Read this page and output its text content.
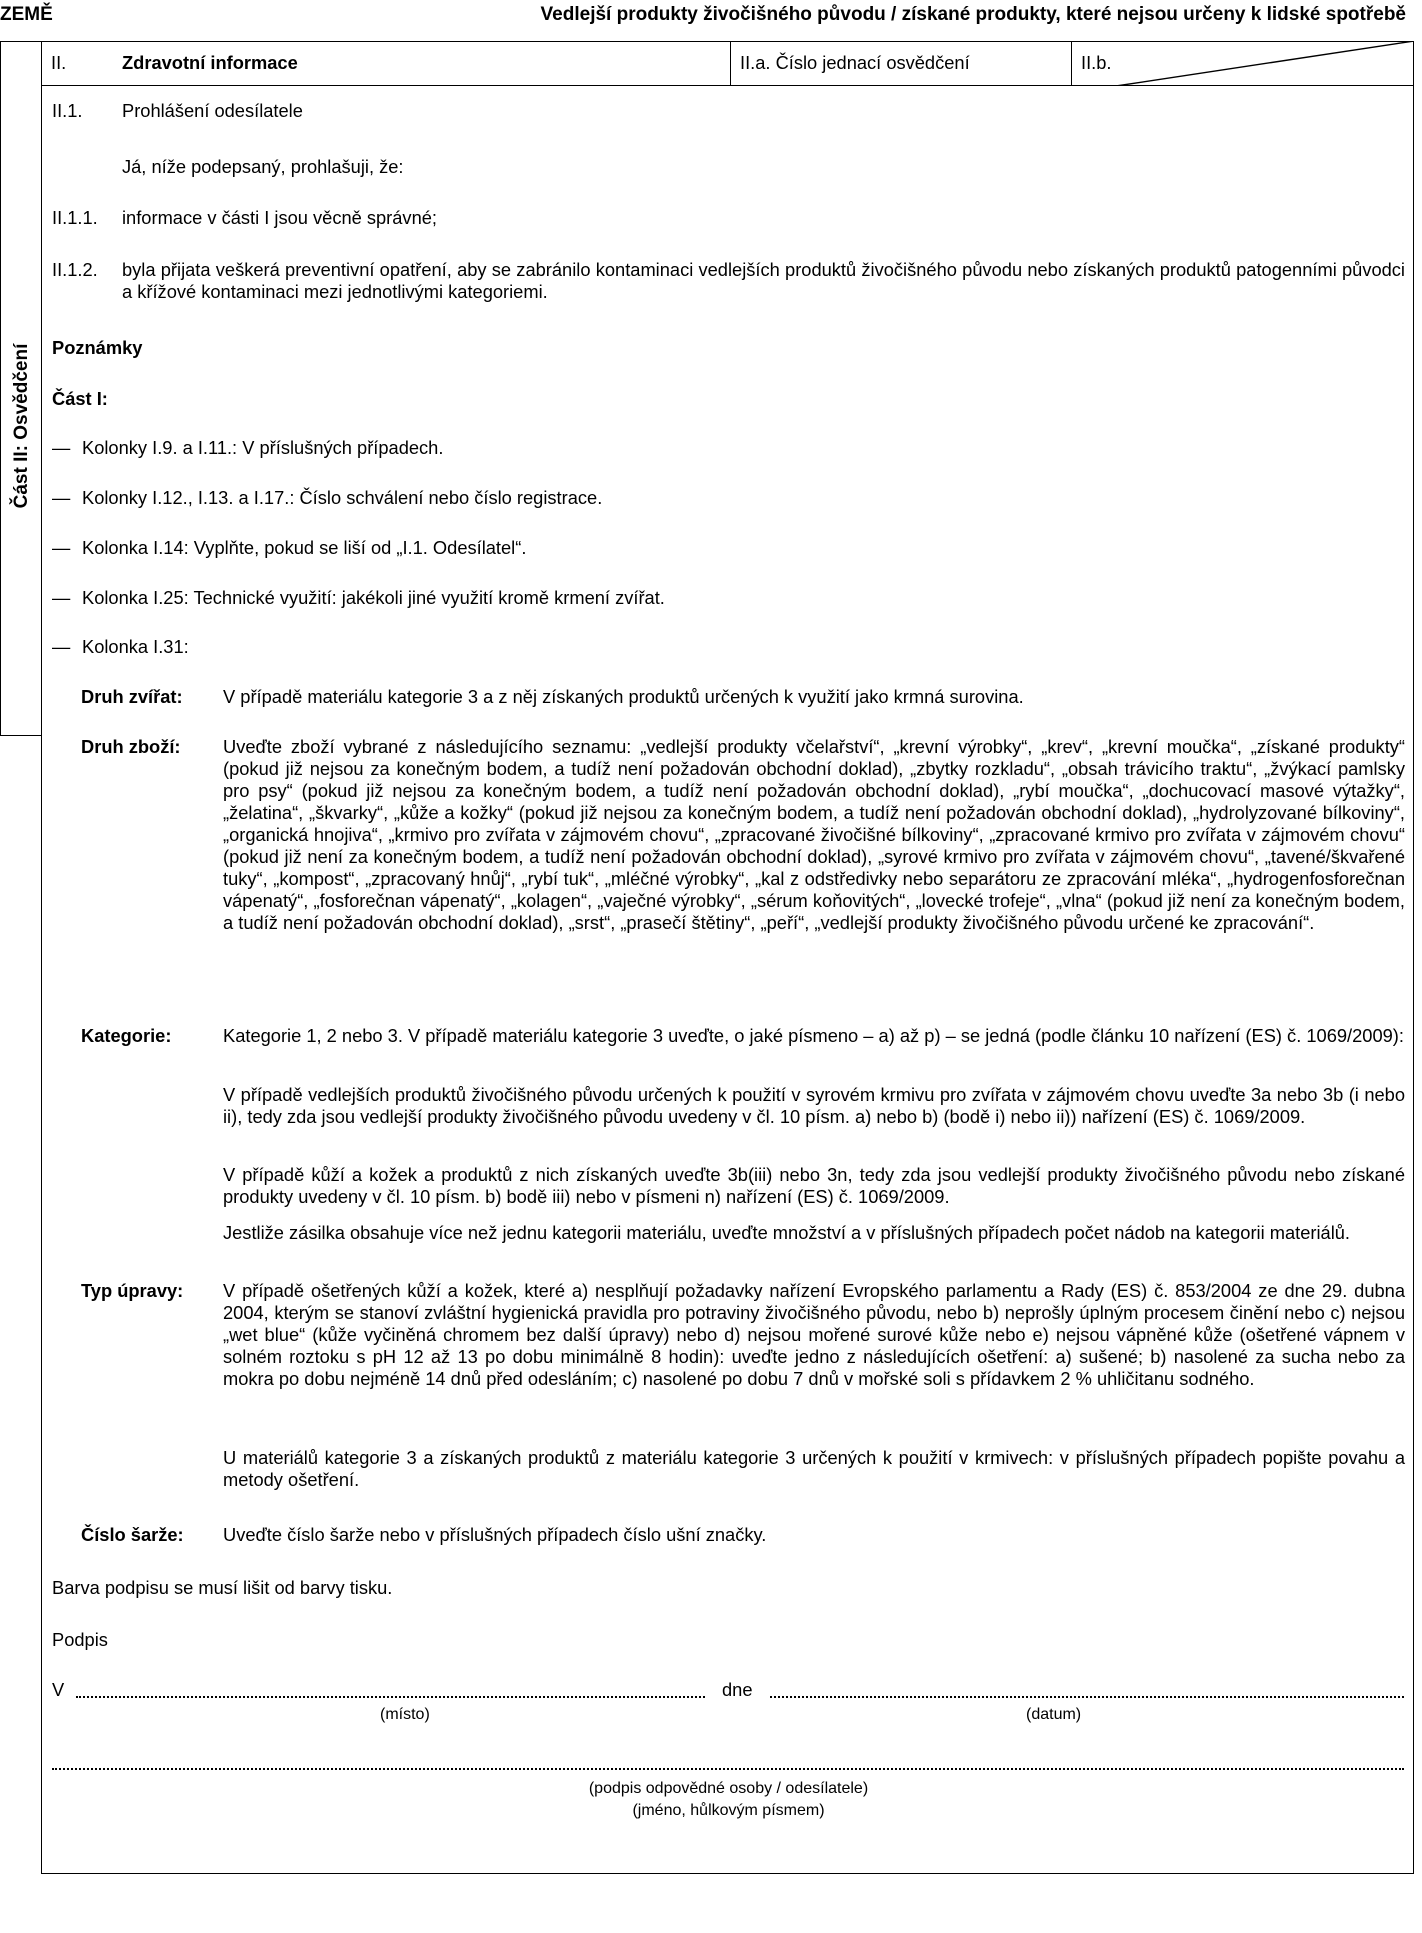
ZEMĚ	Vedlejší produkty živočišného původu / získané produkty, které nejsou určeny k lidské spotřebě
Část II: Osvědčení
II.	Zdravotní informace	II.a. Číslo jednací osvědčení	II.b.
II.1. Prohlášení odesílatele
Já, níže podepsaný, prohlašuji, že:
II.1.1. informace v části I jsou věcně správné;
II.1.2. byla přijata veškerá preventivní opatření, aby se zabránilo kontaminaci vedlejších produktů živočišného původu nebo získaných produktů patogenními původci a křížové kontaminaci mezi jednotlivými kategoriemi.
Poznámky
Část I:
— Kolonky I.9. a I.11.: V příslušných případech.
— Kolonky I.12., I.13. a I.17.: Číslo schválení nebo číslo registrace.
— Kolonka I.14: Vyplňte, pokud se liší od „I.1. Odesílatel“.
— Kolonka I.25: Technické využití: jakékoli jiné využití kromě krmení zvířat.
— Kolonka I.31:
Druh zvířat: V případě materiálu kategorie 3 a z něj získaných produktů určených k využití jako krmná surovina.
Druh zboží: Uveďte zboží vybrané z následujícího seznamu: „vedlejší produkty včelařství“, „krevní výrobky“, „krev“, „krevní moučka“, „získané produkty“ (pokud již nejsou za konečným bodem, a tudíž není požadován obchodní doklad), „zbytky rozkladu“, „obsah trávicího traktu“, „žvýkací pamlsky pro psy“ (pokud již nejsou za konečným bodem, a tudíž není požadován obchodní doklad), „rybí moučka“, „dochucovací masové výtažky“, „želatina“, „škvarky“, „kůže a kožky“ (pokud již nejsou za konečným bodem, a tudíž není požadován obchodní doklad), „hydrolyzované bílkoviny“, „organická hnojiva“, „krmivo pro zvířata v zájmovém chovu“, „zpracované živočišné bílkoviny“, „zpracované krmivo pro zvířata v zájmovém chovu“ (pokud již není za konečným bodem, a tudíž není požadován obchodní doklad), „syrové krmivo pro zvířata v zájmovém chovu“, „tavené/škvařené tuky“, „kompost“, „zpracovaný hnůj“, „rybí tuk“, „mléčné výrobky“, „kal z odstředivky nebo separátoru ze zpracování mléka“, „hydrogenfosforečnan vápenatý“, „fosforečnan vápenatý“, „kolagen“, „vaječné výrobky“, „sérum koňovitých“, „lovecké trofeje“, „vlna“ (pokud již není za konečným bodem, a tudíž není požadován obchodní doklad), „srst“, „prasečí štětiny“, „peří“, „vedlejší produkty živočišného původu určené ke zpracování“.
Kategorie:	Kategorie 1, 2 nebo 3. V případě materiálu kategorie 3 uveďte, o jaké písmeno – a) až p) – se jedná (podle článku 10 nařízení (ES) č. 1069/2009):
V případě vedlejších produktů živočišného původu určených k použití v syrovém krmivu pro zvířata v zájmovém chovu uveďte 3a nebo 3b (i nebo ii), tedy zda jsou vedlejší produkty živočišného původu uvedeny v čl. 10 písm. a) nebo b) (bodě i) nebo ii)) nařízení (ES) č. 1069/2009.
V případě kůží a kožek a produktů z nich získaných uveďte 3b(iii) nebo 3n, tedy zda jsou vedlejší produkty živočišného původu nebo získané produkty uvedeny v čl. 10 písm. b) bodě iii) nebo v písmeni n) nařízení (ES) č. 1069/2009.
Jestliže zásilka obsahuje více než jednu kategorii materiálu, uveďte množství a v příslušných případech počet nádob na kategorii materiálů.
Typ úpravy: V případě ošetřených kůží a kožek, které a) nesplňují požadavky nařízení Evropského parlamentu a Rady (ES) č. 853/2004 ze dne 29. dubna 2004, kterým se stanoví zvláštní hygienická pravidla pro potraviny živočišného původu, nebo b) neprošly úplným procesem činění nebo c) nejsou „wet blue“ (kůže vyčiněná chromem bez další úpravy) nebo d) nejsou mořené surové kůže nebo e) nejsou vápněné kůže (ošetřené vápnem v solném roztoku s pH 12 až 13 po dobu minimálně 8 hodin): uveďte jedno z následujících ošetření: a) sušené; b) nasolené za sucha nebo za mokra po dobu nejméně 14 dnů před odesláním; c) nasolené po dobu 7 dnů v mořské soli s přídavkem 2 % uhličitanu sodného.
U materiálů kategorie 3 a získaných produktů z materiálu kategorie 3 určených k použití v krmivech: v příslušných případech popište povahu a metody ošetření.
Číslo šarže: Uveďte číslo šarže nebo v příslušných případech číslo ušní značky.
Barva podpisu se musí lišit od barvy tisku.
Podpis
V	dne
(místo)	(datum)
(podpis odpovědné osoby / odesílatele)
(jméno, hůlkovým písmem)
